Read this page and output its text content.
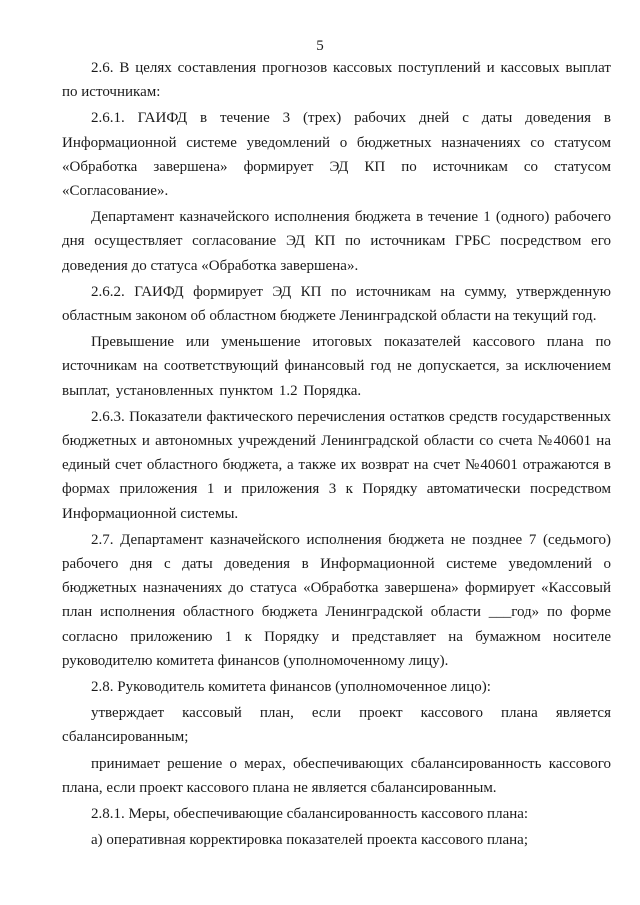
5

2.6. В целях составления прогнозов кассовых поступлений и кассовых выплат по источникам:

2.6.1. ГАИФД в течение 3 (трех) рабочих дней с даты доведения в Информационной системе уведомлений о бюджетных назначениях со статусом «Обработка завершена» формирует ЭД КП по источникам со статусом «Согласование».

Департамент казначейского исполнения бюджета в течение 1 (одного) рабочего дня осуществляет согласование ЭД КП по источникам ГРБС посредством его доведения до статуса «Обработка завершена».

2.6.2. ГАИФД формирует ЭД КП по источникам на сумму, утвержденную областным законом об областном бюджете Ленинградской области на текущий год.

Превышение или уменьшение итоговых показателей кассового плана по источникам на соответствующий финансовый год не допускается, за исключением выплат, установленных пунктом 1.2 Порядка.

2.6.3. Показатели фактического перечисления остатков средств государственных бюджетных и автономных учреждений Ленинградской области со счета №40601 на единый счет областного бюджета, а также их возврат на счет №40601 отражаются в формах приложения 1 и приложения 3 к Порядку автоматически посредством Информационной системы.

2.7. Департамент казначейского исполнения бюджета не позднее 7 (седьмого) рабочего дня с даты доведения в Информационной системе уведомлений о бюджетных назначениях до статуса «Обработка завершена» формирует «Кассовый план исполнения областного бюджета Ленинградской области ___год» по форме согласно приложению 1 к Порядку и представляет на бумажном носителе руководителю комитета финансов (уполномоченному лицу).

2.8. Руководитель комитета финансов (уполномоченное лицо):

утверждает кассовый план, если проект кассового плана является сбалансированным;

принимает решение о мерах, обеспечивающих сбалансированность кассового плана, если проект кассового плана не является сбалансированным.

2.8.1. Меры, обеспечивающие сбалансированность кассового плана:

а) оперативная корректировка показателей проекта кассового плана;
